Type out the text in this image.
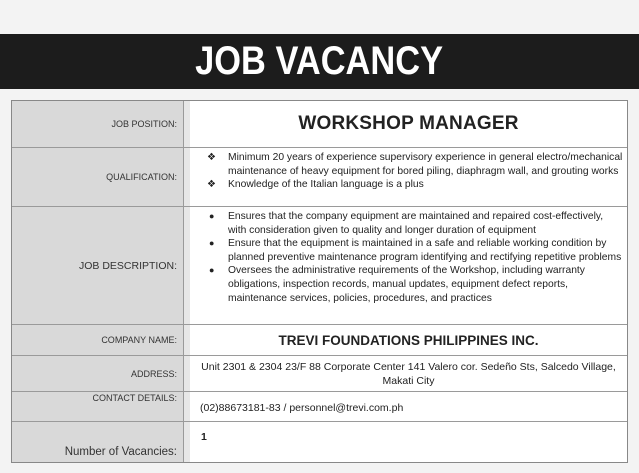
JOB VACANCY
JOB POSITION:	WORKSHOP MANAGER
QUALIFICATION:
❖ Minimum 20 years of experience supervisory experience in general electro/mechanical maintenance of heavy equipment for bored piling, diaphragm wall, and grouting works
❖ Knowledge of the Italian language is a plus
JOB DESCRIPTION:
● Ensures that the company equipment are maintained and repaired cost-effectively, with consideration given to quality and longer duration of equipment
● Ensure that the equipment is maintained in a safe and reliable working condition by planned preventive maintenance program identifying and rectifying repetitive problems
● Oversees the administrative requirements of the Workshop, including warranty obligations, inspection records, manual updates, equipment defect reports, maintenance services, policies, procedures, and practices
COMPANY NAME:	TREVI FOUNDATIONS PHILIPPINES INC.
ADDRESS:
Unit 2301 & 2304 23/F 88 Corporate Center 141 Valero cor. Sedeño Sts, Salcedo Village,
Makati City
CONTACT DETAILS:
(02)88673181-83 / personnel@trevi.com.ph
Number of Vacancies:
1
